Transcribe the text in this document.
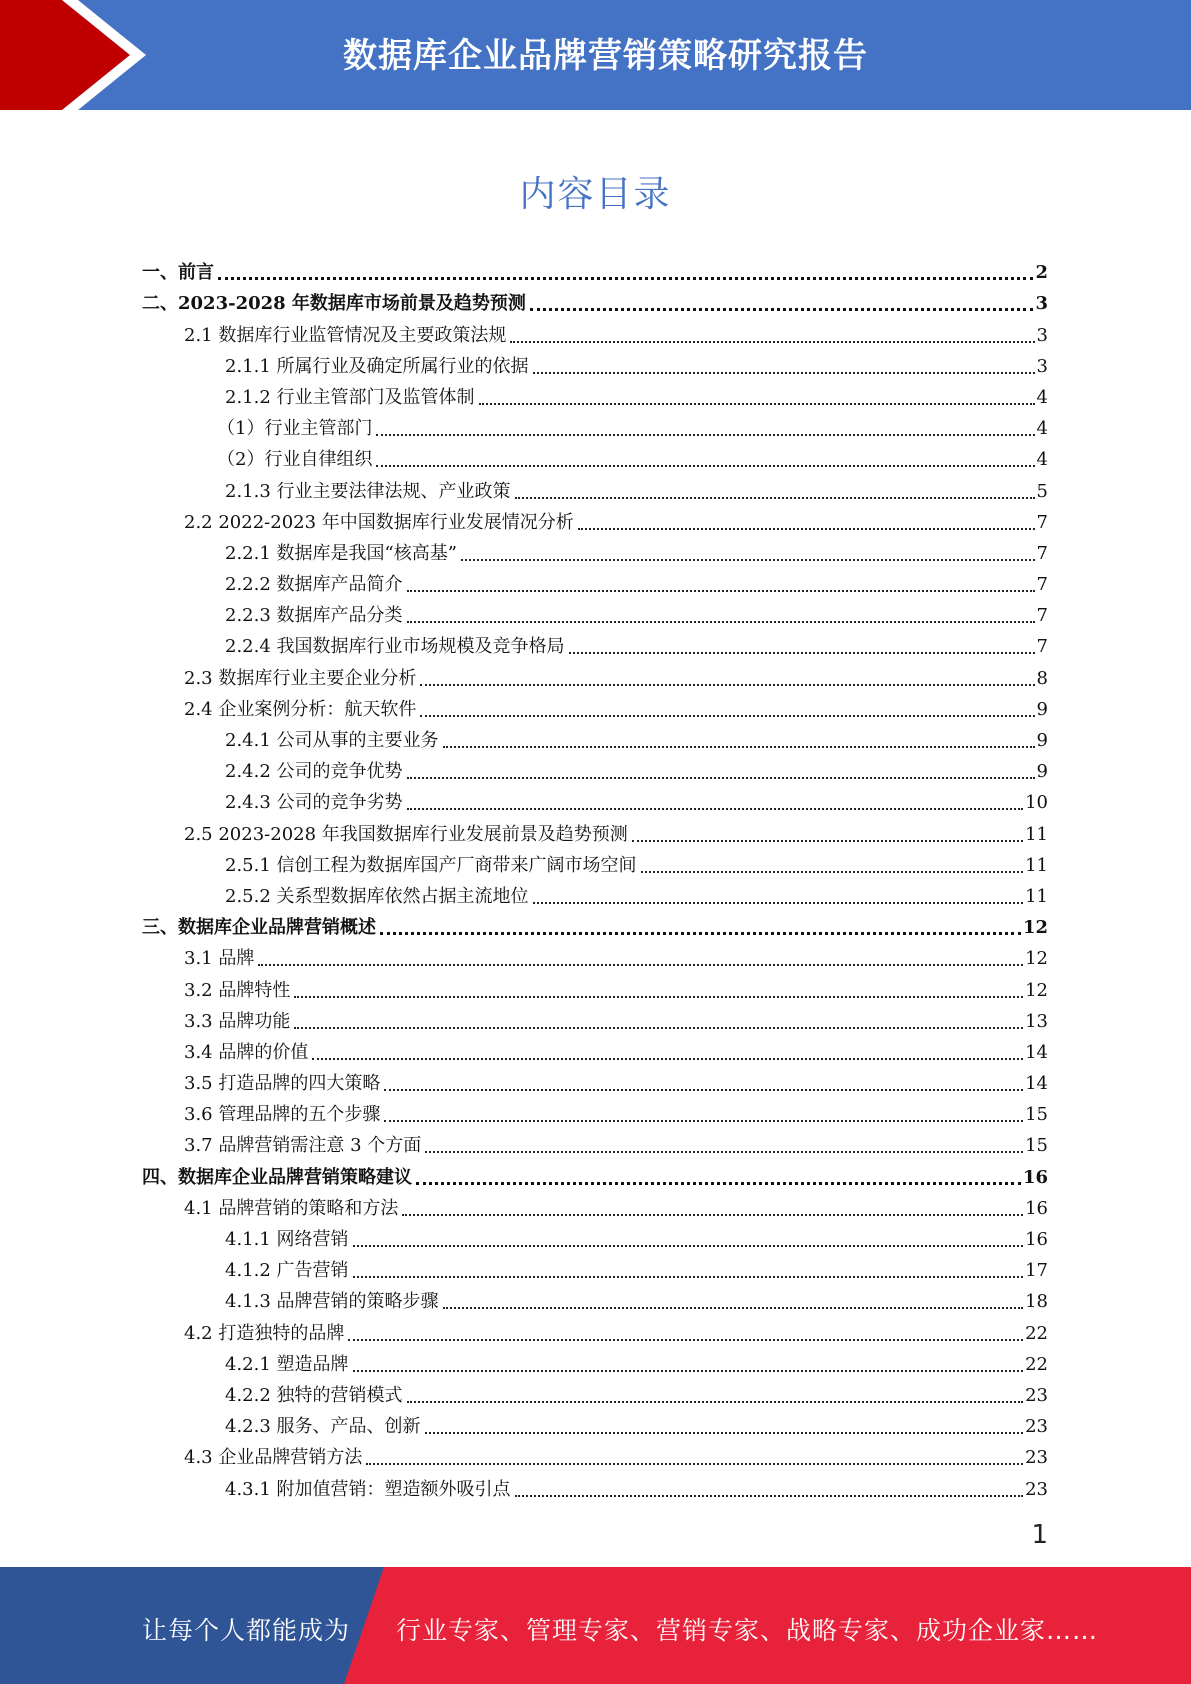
数据库企业品牌营销策略研究报告
内容目录
一、前言	2
二、2023-2028 年数据库市场前景及趋势预测	3
2.1 数据库行业监管情况及主要政策法规	3
2.1.1 所属行业及确定所属行业的依据	3
2.1.2 行业主管部门及监管体制	4
（1）行业主管部门	4
（2）行业自律组织	4
2.1.3 行业主要法律法规、产业政策	5
2.2 2022-2023 年中国数据库行业发展情况分析	7
2.2.1 数据库是我国“核高基”	7
2.2.2 数据库产品简介	7
2.2.3 数据库产品分类	7
2.2.4 我国数据库行业市场规模及竞争格局	7
2.3 数据库行业主要企业分析	8
2.4 企业案例分析：航天软件	9
2.4.1 公司从事的主要业务	9
2.4.2 公司的竞争优势	9
2.4.3 公司的竞争劣势	10
2.5 2023-2028 年我国数据库行业发展前景及趋势预测	11
2.5.1 信创工程为数据库国产厂商带来广阔市场空间	11
2.5.2 关系型数据库依然占据主流地位	11
三、数据库企业品牌营销概述	12
3.1 品牌	12
3.2 品牌特性	12
3.3 品牌功能	13
3.4 品牌的价值	14
3.5 打造品牌的四大策略	14
3.6 管理品牌的五个步骤	15
3.7 品牌营销需注意 3 个方面	15
四、数据库企业品牌营销策略建议	16
4.1 品牌营销的策略和方法	16
4.1.1 网络营销	16
4.1.2 广告营销	17
4.1.3 品牌营销的策略步骤	18
4.2 打造独特的品牌	22
4.2.1 塑造品牌	22
4.2.2 独特的营销模式	23
4.2.3 服务、产品、创新	23
4.3 企业品牌营销方法	23
4.3.1 附加值营销：塑造额外吸引点	23
1
让每个人都能成为 行业专家、管理专家、营销专家、战略专家、成功企业家……
